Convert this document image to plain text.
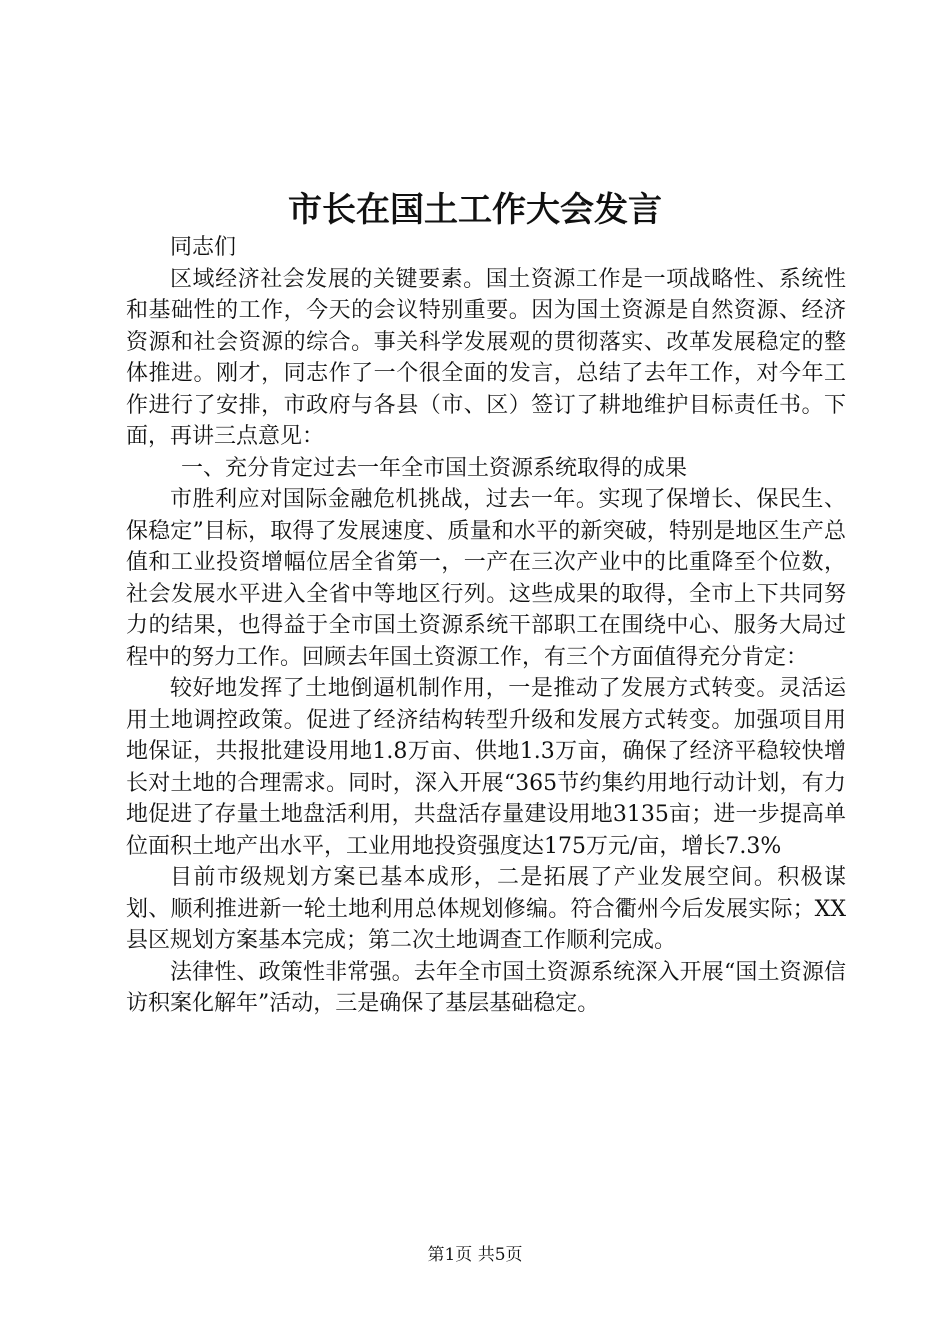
市长在国土工作大会发言

同志们

区域经济社会发展的关键要素。国土资源工作是一项战略性、系统性和基础性的工作，今天的会议特别重要。因为国土资源是自然资源、经济资源和社会资源的综合。事关科学发展观的贯彻落实、改革发展稳定的整体推进。刚才，同志作了一个很全面的发言，总结了去年工作，对今年工作进行了安排，市政府与各县（市、区）签订了耕地维护目标责任书。下面，再讲三点意见：

一、充分肯定过去一年全市国土资源系统取得的成果

市胜利应对国际金融危机挑战，过去一年。实现了保增长、保民生、保稳定”目标，取得了发展速度、质量和水平的新突破，特别是地区生产总值和工业投资增幅位居全省第一，一产在三次产业中的比重降至个位数，社会发展水平进入全省中等地区行列。这些成果的取得，全市上下共同努力的结果，也得益于全市国土资源系统干部职工在围绕中心、服务大局过程中的努力工作。回顾去年国土资源工作，有三个方面值得充分肯定：

较好地发挥了土地倒逼机制作用，一是推动了发展方式转变。灵活运用土地调控政策。促进了经济结构转型升级和发展方式转变。加强项目用地保证，共报批建设用地1.8万亩、供地1.3万亩，确保了经济平稳较快增长对土地的合理需求。同时，深入开展“365节约集约用地行动计划，有力地促进了存量土地盘活利用，共盘活存量建设用地3135亩；进一步提高单位面积土地产出水平，工业用地投资强度达175万元/亩，增长7.3%

目前市级规划方案已基本成形，二是拓展了产业发展空间。积极谋划、顺利推进新一轮土地利用总体规划修编。符合衢州今后发展实际；XX县区规划方案基本完成；第二次土地调查工作顺利完成。

法律性、政策性非常强。去年全市国土资源系统深入开展“国土资源信访积案化解年”活动，三是确保了基层基础稳定。

第1页 共5页
